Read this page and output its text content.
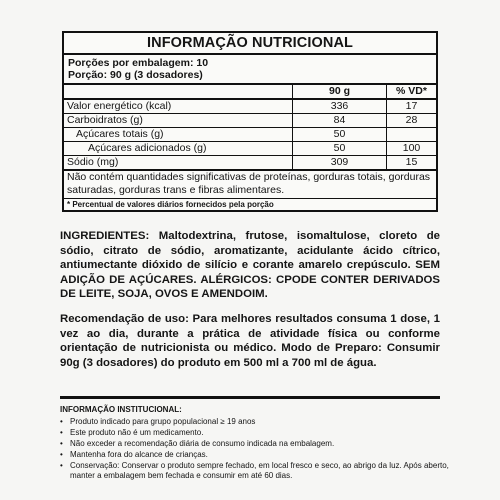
INFORMAÇÃO NUTRICIONAL
Porções por embalagem: 10
Porção: 90 g (3 dosadores)
	90 g	% VD*
Valor energético (kcal)	336	17
Carboidratos (g)	84	28
Açúcares totais (g)	50	
Açúcares adicionados (g)	50	100
Sódio (mg)	309	15
Não contém quantidades significativas de proteínas, gorduras totais, gorduras saturadas, gorduras trans e fibras alimentares.
* Percentual de valores diários fornecidos pela porção
INGREDIENTES: Maltodextrina, frutose, isomaltulose, cloreto de sódio, citrato de sódio, aromatizante, acidulante ácido cítrico, antiumectante dióxido de silício e corante amarelo crepúsculo. SEM ADIÇÃO DE AÇÚCARES. ALÉRGICOS: CPODE CONTER DERIVADOS DE LEITE, SOJA, OVOS E AMENDOIM.
Recomendação de uso: Para melhores resultados consuma 1 dose, 1 vez ao dia, durante a prática de atividade física ou conforme orientação de nutricionista ou médico. Modo de Preparo: Consumir 90g (3 dosadores) do produto em 500 ml a 700 ml de água.
INFORMAÇÃO INSTITUCIONAL:
• Produto indicado para grupo populacional ≥ 19 anos
• Este produto não é um medicamento.
• Não exceder a recomendação diária de consumo indicada na embalagem.
• Mantenha fora do alcance de crianças.
• Conservação: Conservar o produto sempre fechado, em local fresco e seco, ao abrigo da luz. Após aberto, manter a embalagem bem fechada e consumir em até 60 dias.
